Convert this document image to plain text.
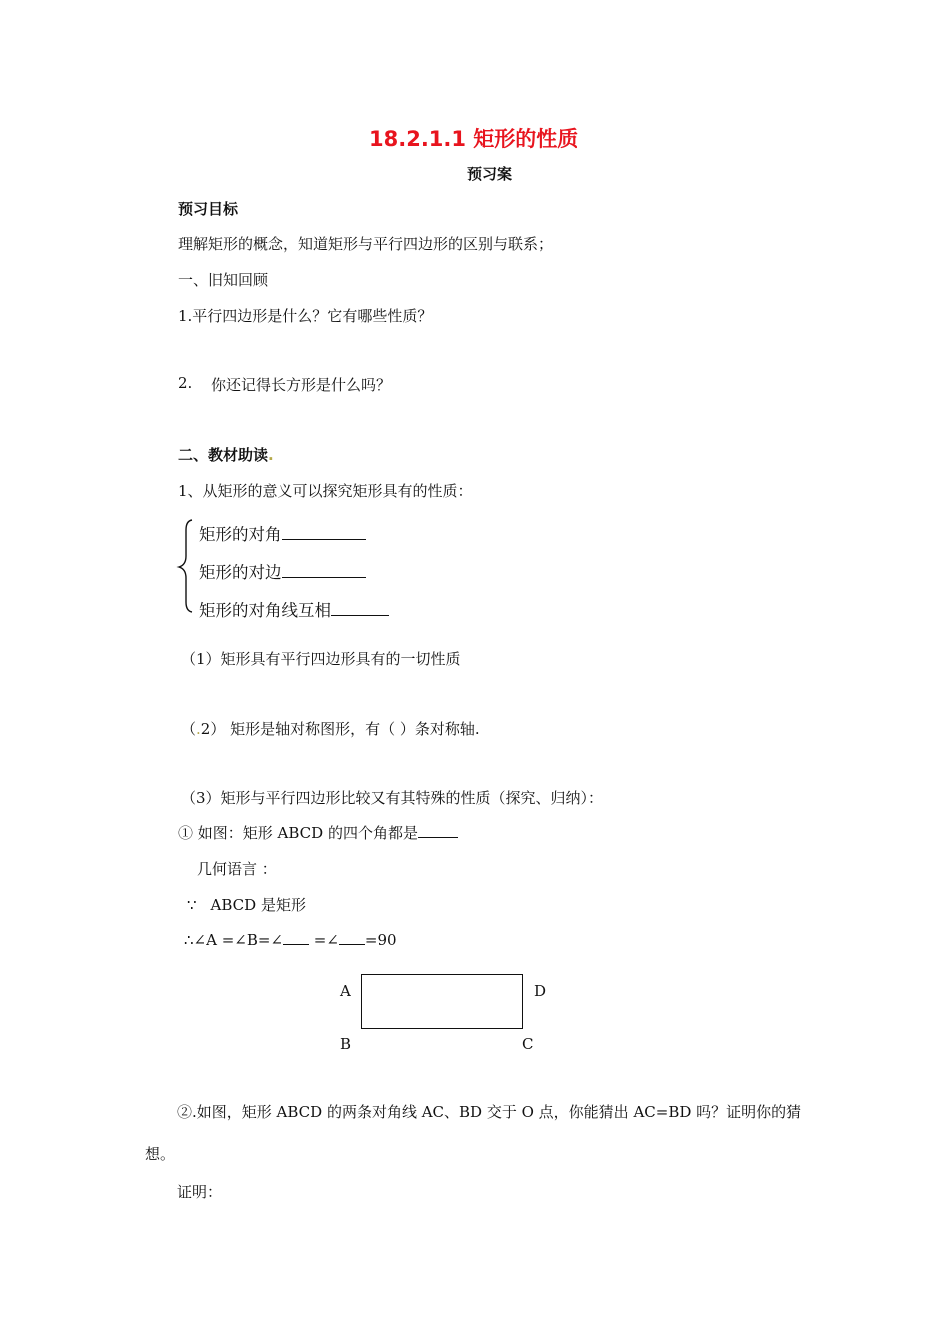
18.2.1.1 矩形的性质
预习案
预习目标
理解矩形的概念，知道矩形与平行四边形的区别与联系；
一、旧知回顾
1.平行四边形是什么？它有哪些性质？
2. 你还记得长方形是什么吗？
二、教材助读.
1、从矩形的意义可以探究矩形具有的性质：
矩形的对角
矩形的对边
矩形的对角线互相
（1）矩形具有平行四边形具有的一切性质
（.2） 矩形是轴对称图形，有（ ）条对称轴.
（3）矩形与平行四边形比较又有其特殊的性质（探究、归纳）：
① 如图：矩形 ABCD 的四个角都是
几何语言 ：
∵ ABCD 是矩形
∴∠A =∠B=∠ =∠ =90
A	D
B	C
②.如图，矩形 ABCD 的两条对角线 AC、BD 交于 O 点，你能猜出 AC=BD 吗？证明你的猜
想。
证明：
